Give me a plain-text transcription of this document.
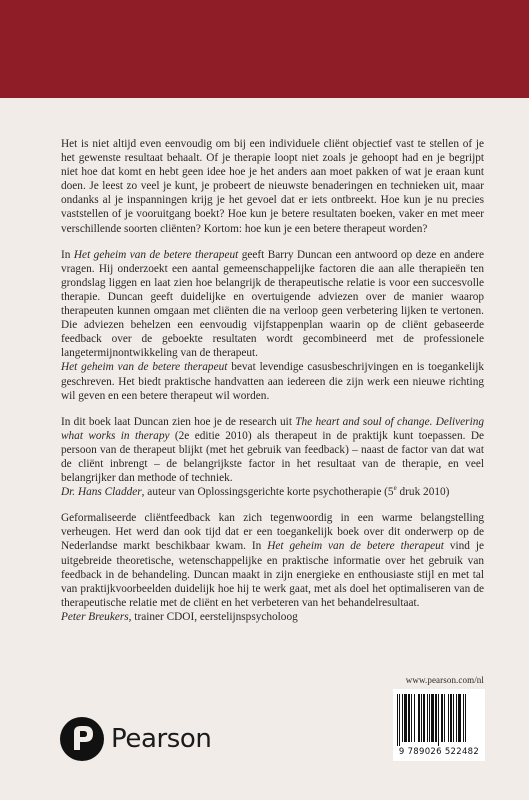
Het is niet altijd even eenvoudig om bij een individuele cliënt objectief vast te stellen of je het gewenste resultaat behaalt. Of je therapie loopt niet zoals je gehoopt had en je begrijpt niet hoe dat komt en hebt geen idee hoe je het anders aan moet pakken of wat je eraan kunt doen. Je leest zo veel je kunt, je probeert de nieuwste benaderingen en technieken uit, maar ondanks al je inspanningen krijg je het gevoel dat er iets ontbreekt. Hoe kun je nu precies vaststellen of je vooruitgang boekt? Hoe kun je betere resultaten boeken, vaker en met meer verschillende soorten cliënten? Kortom: hoe kun je een betere therapeut worden?

In Het geheim van de betere therapeut geeft Barry Duncan een antwoord op deze en andere vragen. Hij onderzoekt een aantal gemeenschappelijke factoren die aan alle therapieën ten grondslag liggen en laat zien hoe belangrijk de therapeutische relatie is voor een succesvolle therapie. Duncan geeft duidelijke en overtuigende adviezen over de manier waarop therapeuten kunnen omgaan met cliënten die na verloop geen verbetering lijken te vertonen. Die adviezen behelzen een eenvoudig vijfstappenplan waarin op de cliënt gebaseerde feedback over de geboekte resultaten wordt gecombineerd met de professionele langetermijnontwikkeling van de therapeut.

Het geheim van de betere therapeut bevat levendige casusbeschrijvingen en is toegankelijk geschreven. Het biedt praktische handvatten aan iedereen die zijn werk een nieuwe richting wil geven en een betere therapeut wil worden.

In dit boek laat Duncan zien hoe je de research uit The heart and soul of change. Delivering what works in therapy (2e editie 2010) als therapeut in de praktijk kunt toepassen. De persoon van de therapeut blijkt (met het gebruik van feedback) – naast de factor van dat wat de cliënt inbrengt – de belangrijkste factor in het resultaat van de therapie, en veel belangrijker dan methode of techniek.

Dr. Hans Cladder, auteur van Oplossingsgerichte korte psychotherapie (5e druk 2010)

Geformaliseerde cliëntfeedback kan zich tegenwoordig in een warme belangstelling verheugen. Het werd dan ook tijd dat er een toegankelijk boek over dit onderwerp op de Nederlandse markt beschikbaar kwam. In Het geheim van de betere therapeut vind je uitgebreide theoretische, wetenschappelijke en praktische informatie over het gebruik van feedback in de behandeling. Duncan maakt in zijn energieke en enthousiaste stijl en met tal van praktijkvoorbeelden duidelijk hoe hij te werk gaat, met als doel het optimaliseren van de therapeutische relatie met de cliënt en het verbeteren van het behandelresultaat.

Peter Breukers, trainer CDOI, eerstelijnspsycholoog

www.pearson.com/nl
9 789026 522482
Pearson
